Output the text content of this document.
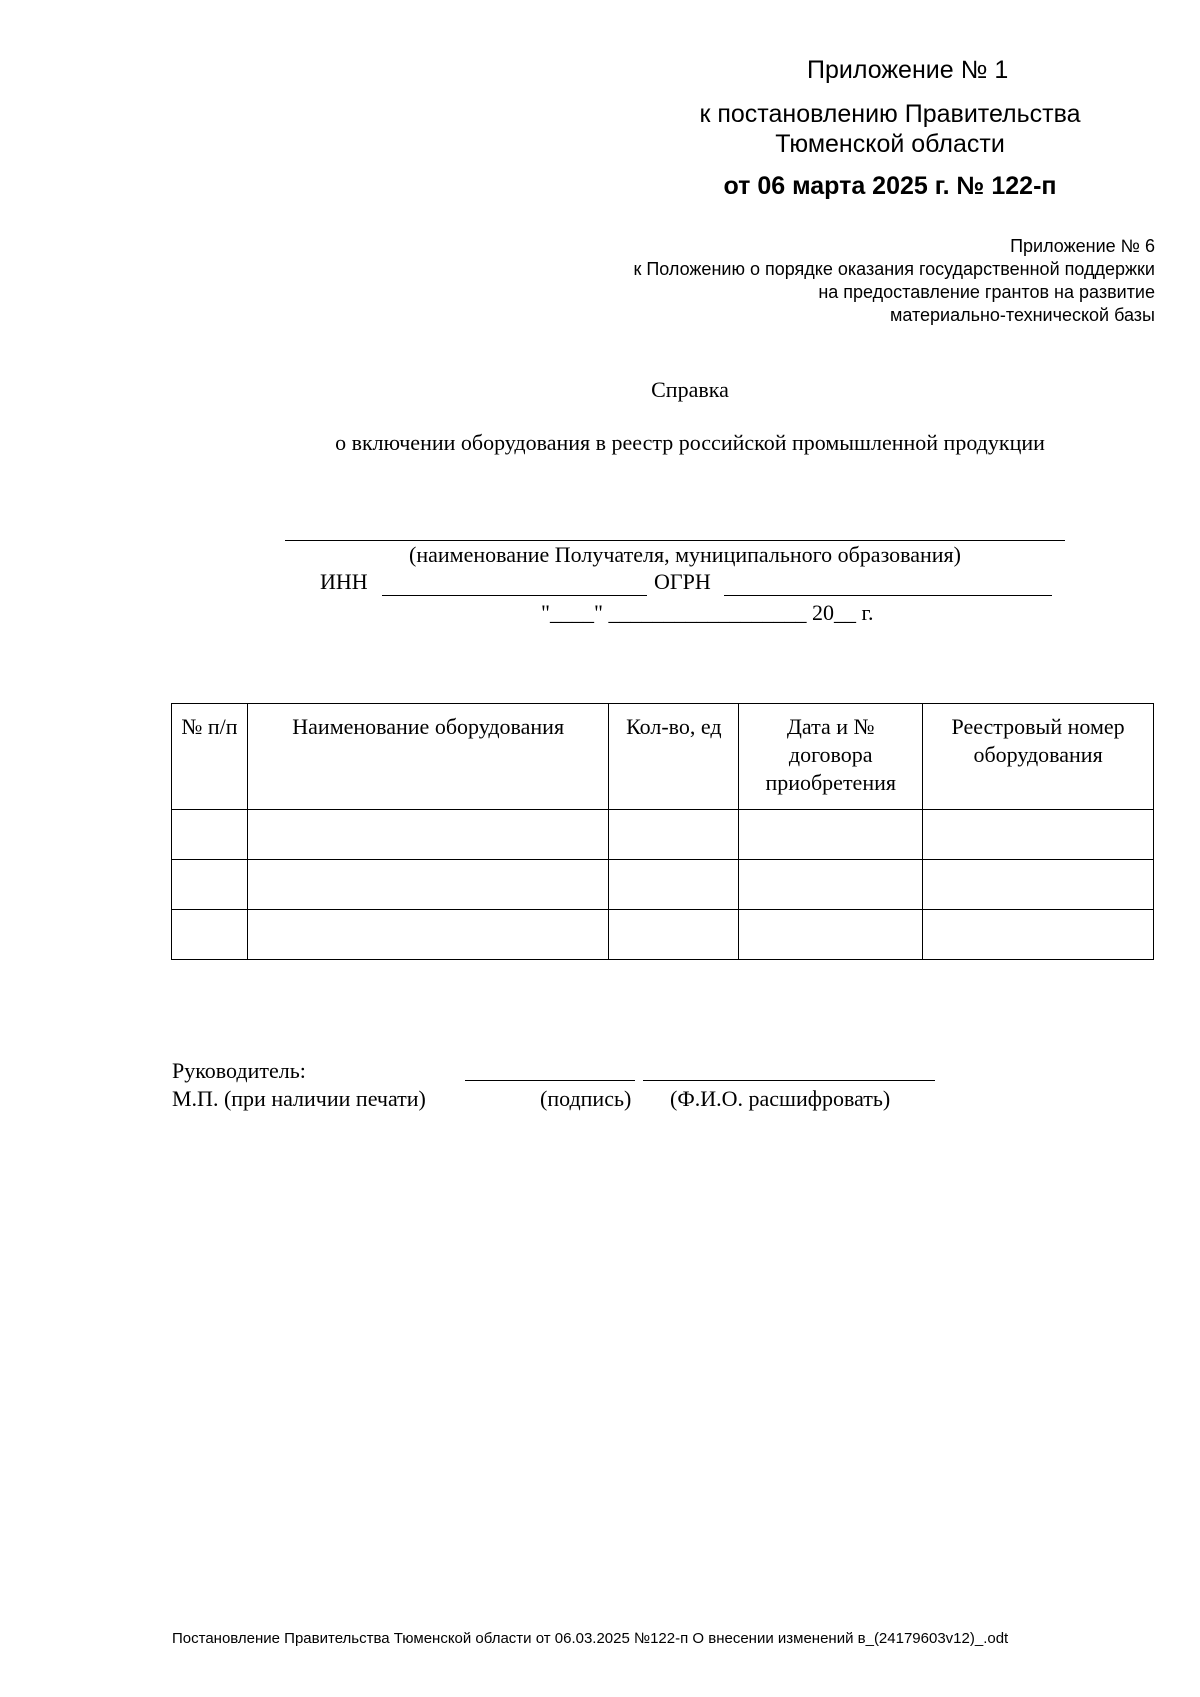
Приложение № 1
к постановлению Правительства
Тюменской области
от 06 марта 2025 г. № 122-п
Приложение № 6
к Положению о порядке оказания государственной поддержки
на предоставление грантов на развитие
материально-технической базы
Справка
о включении оборудования в реестр российской промышленной продукции
(наименование Получателя, муниципального образования)
ИНН	ОГРН
"____" __________________ 20__ г.
№ п/п	Наименование оборудования	Кол-во, ед	Дата и № договора приобретения	Реестровый номер оборудования

Руководитель:
М.П. (при наличии печати)	(подпись) (Ф.И.О. расшифровать)
Постановление Правительства Тюменской области от 06.03.2025 №122-п О внесении изменений в_(24179603v12)_.odt
